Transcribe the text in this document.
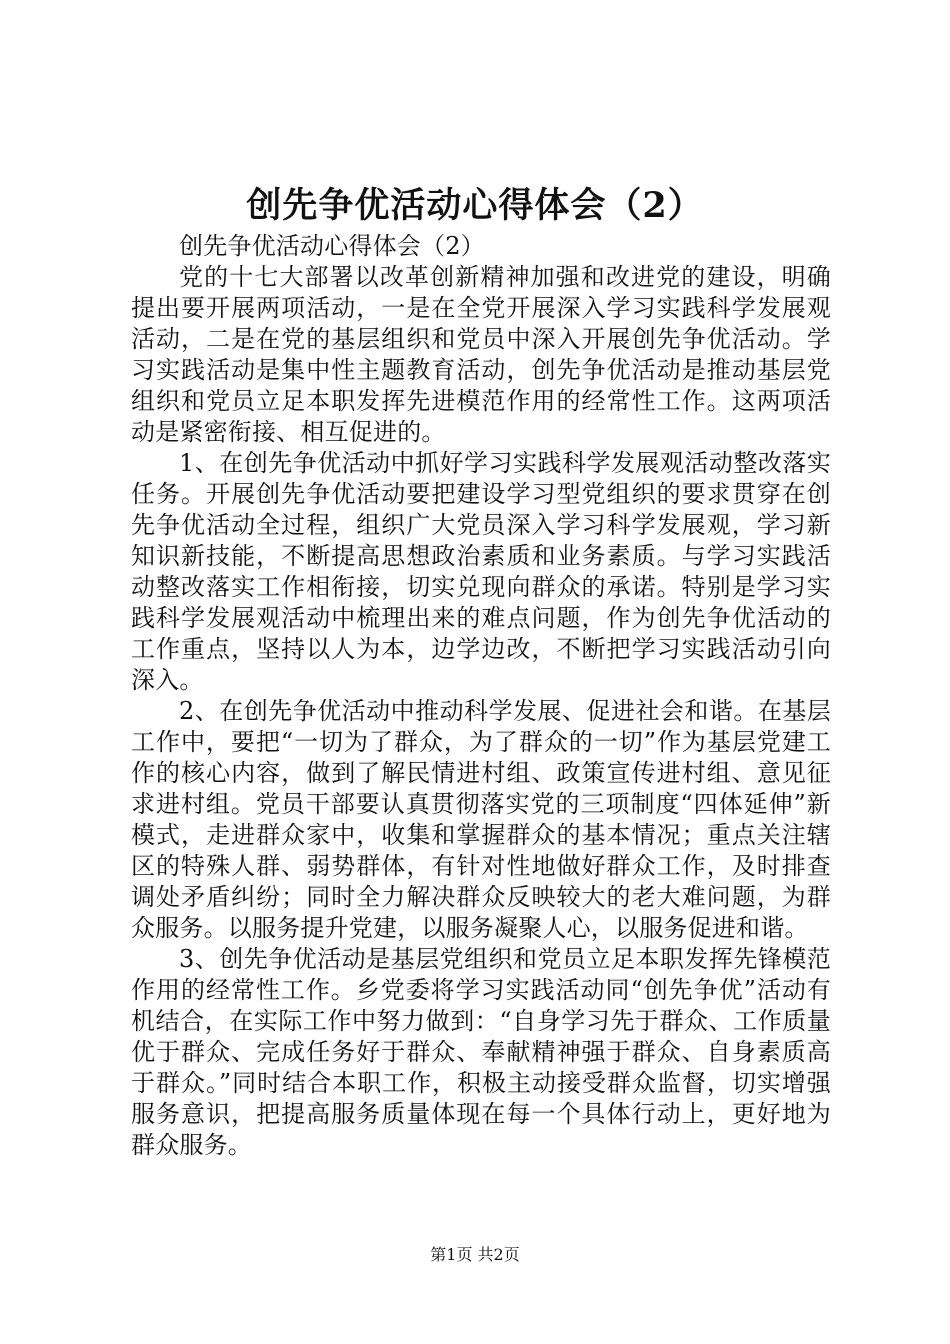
创先争优活动心得体会（2）

创先争优活动心得体会（2）

党的十七大部署以改革创新精神加强和改进党的建设，明确提出要开展两项活动，一是在全党开展深入学习实践科学发展观活动，二是在党的基层组织和党员中深入开展创先争优活动。学习实践活动是集中性主题教育活动，创先争优活动是推动基层党组织和党员立足本职发挥先进模范作用的经常性工作。这两项活动是紧密衔接、相互促进的。

1、在创先争优活动中抓好学习实践科学发展观活动整改落实任务。开展创先争优活动要把建设学习型党组织的要求贯穿在创先争优活动全过程，组织广大党员深入学习科学发展观，学习新知识新技能，不断提高思想政治素质和业务素质。与学习实践活动整改落实工作相衔接，切实兑现向群众的承诺。特别是学习实践科学发展观活动中梳理出来的难点问题，作为创先争优活动的工作重点，坚持以人为本，边学边改，不断把学习实践活动引向深入。

2、在创先争优活动中推动科学发展、促进社会和谐。在基层工作中，要把“一切为了群众，为了群众的一切”作为基层党建工作的核心内容，做到了解民情进村组、政策宣传进村组、意见征求进村组。党员干部要认真贯彻落实党的三项制度“四体延伸”新模式，走进群众家中，收集和掌握群众的基本情况；重点关注辖区的特殊人群、弱势群体，有针对性地做好群众工作，及时排查调处矛盾纠纷；同时全力解决群众反映较大的老大难问题，为群众服务。以服务提升党建，以服务凝聚人心，以服务促进和谐。

3、创先争优活动是基层党组织和党员立足本职发挥先锋模范作用的经常性工作。乡党委将学习实践活动同“创先争优”活动有机结合，在实际工作中努力做到：“自身学习先于群众、工作质量优于群众、完成任务好于群众、奉献精神强于群众、自身素质高于群众。”同时结合本职工作，积极主动接受群众监督，切实增强服务意识，把提高服务质量体现在每一个具体行动上，更好地为群众服务。

第1页 共2页
